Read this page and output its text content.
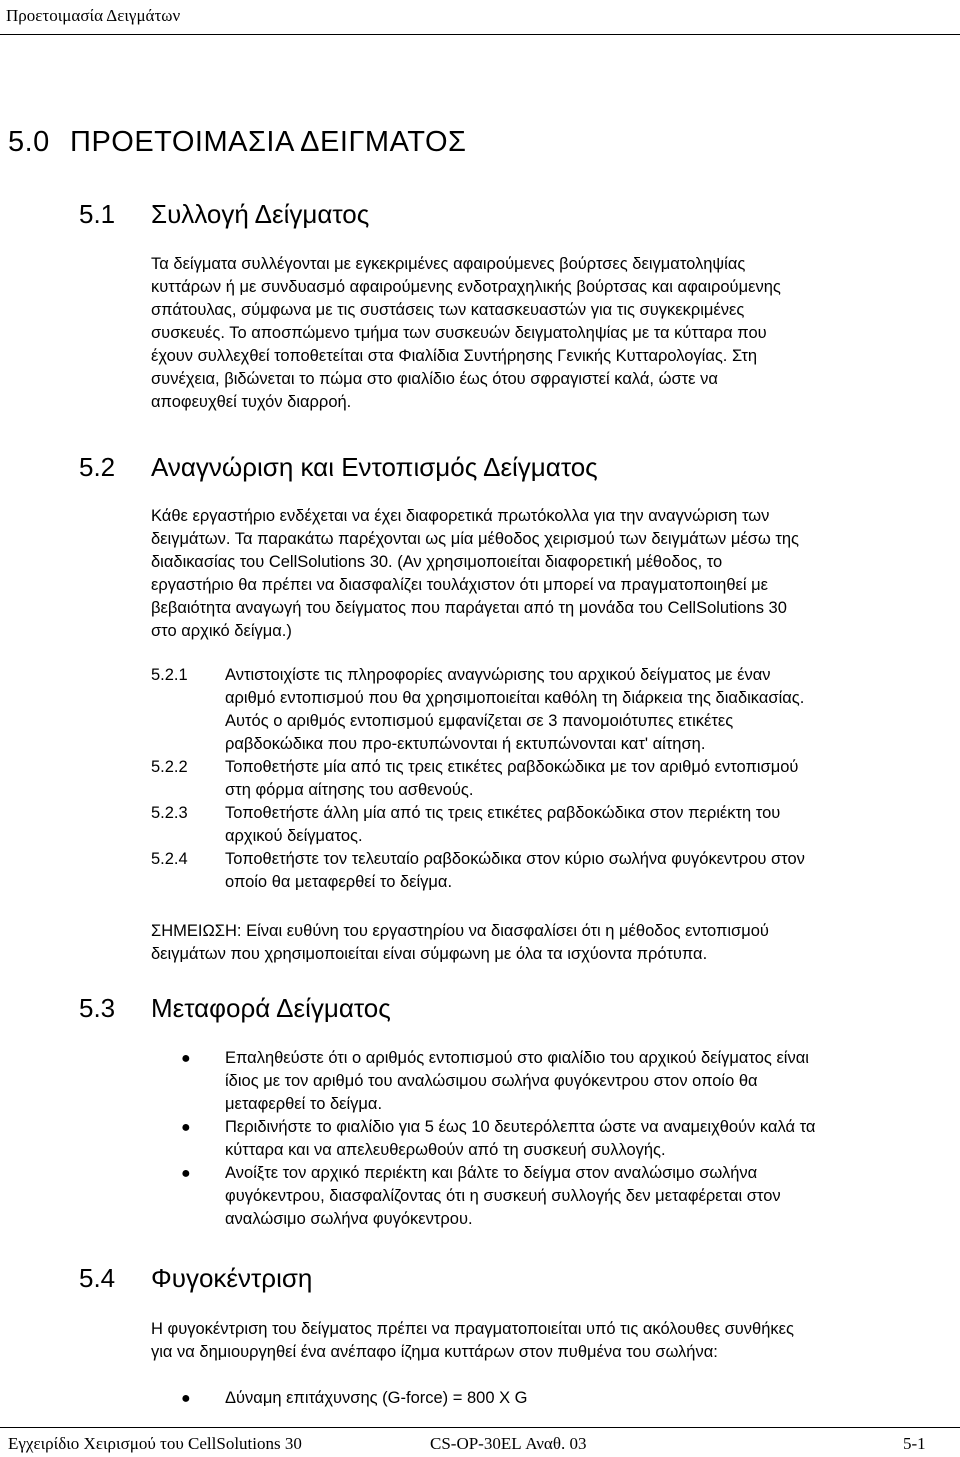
Προετοιμασία Δειγμάτων
5.0 ΠΡΟΕΤΟΙΜΑΣΙΑ ΔΕΙΓΜΑΤΟΣ
5.1 Συλλογή Δείγματος
Τα δείγματα συλλέγονται με εγκεκριμένες αφαιρούμενες βούρτσες δειγματοληψίας
κυττάρων ή με συνδυασμό αφαιρούμενης ενδοτραχηλικής βούρτσας και αφαιρούμενης
σπάτουλας, σύμφωνα με τις συστάσεις των κατασκευαστών για τις συγκεκριμένες
συσκευές. Το αποσπώμενο τμήμα των συσκευών δειγματοληψίας με τα κύτταρα που
έχουν συλλεχθεί τοποθετείται στα Φιαλίδια Συντήρησης Γενικής Κυτταρολογίας. Στη
συνέχεια, βιδώνεται το πώμα στο φιαλίδιο έως ότου σφραγιστεί καλά, ώστε να
αποφευχθεί τυχόν διαρροή.
5.2 Αναγνώριση και Εντοπισμός Δείγματος
Κάθε εργαστήριο ενδέχεται να έχει διαφορετικά πρωτόκολλα για την αναγνώριση των
δειγμάτων. Τα παρακάτω παρέχονται ως μία μέθοδος χειρισμού των δειγμάτων μέσω της
διαδικασίας του CellSolutions 30. (Αν χρησιμοποιείται διαφορετική μέθοδος, το
εργαστήριο θα πρέπει να διασφαλίζει τουλάχιστον ότι μπορεί να πραγματοποιηθεί με
βεβαιότητα αναγωγή του δείγματος που παράγεται από τη μονάδα του CellSolutions 30
στο αρχικό δείγμα.)
5.2.1 Αντιστοιχίστε τις πληροφορίες αναγνώρισης του αρχικού δείγματος με έναν
αριθμό εντοπισμού που θα χρησιμοποιείται καθόλη τη διάρκεια της διαδικασίας.
Αυτός ο αριθμός εντοπισμού εμφανίζεται σε 3 πανομοιότυπες ετικέτες
ραβδοκώδικα που προ-εκτυπώνονται ή εκτυπώνονται κατ' αίτηση.
5.2.2 Τοποθετήστε μία από τις τρεις ετικέτες ραβδοκώδικα με τον αριθμό εντοπισμού
στη φόρμα αίτησης του ασθενούς.
5.2.3 Τοποθετήστε άλλη μία από τις τρεις ετικέτες ραβδοκώδικα στον περιέκτη του
αρχικού δείγματος.
5.2.4 Τοποθετήστε τον τελευταίο ραβδοκώδικα στον κύριο σωλήνα φυγόκεντρου στον
οποίο θα μεταφερθεί το δείγμα.
ΣΗΜΕΙΩΣΗ: Είναι ευθύνη του εργαστηρίου να διασφαλίσει ότι η μέθοδος εντοπισμού
δειγμάτων που χρησιμοποιείται είναι σύμφωνη με όλα τα ισχύοντα πρότυπα.
5.3 Μεταφορά Δείγματος
● Επαληθεύστε ότι ο αριθμός εντοπισμού στο φιαλίδιο του αρχικού δείγματος είναι
ίδιος με τον αριθμό του αναλώσιμου σωλήνα φυγόκεντρου στον οποίο θα
μεταφερθεί το δείγμα.
● Περιδινήστε το φιαλίδιο για 5 έως 10 δευτερόλεπτα ώστε να αναμειχθούν καλά τα
κύτταρα και να απελευθερωθούν από τη συσκευή συλλογής.
● Ανοίξτε τον αρχικό περιέκτη και βάλτε το δείγμα στον αναλώσιμο σωλήνα
φυγόκεντρου, διασφαλίζοντας ότι η συσκευή συλλογής δεν μεταφέρεται στον
αναλώσιμο σωλήνα φυγόκεντρου.
5.4 Φυγοκέντριση
Η φυγοκέντριση του δείγματος πρέπει να πραγματοποιείται υπό τις ακόλουθες συνθήκες
για να δημιουργηθεί ένα ανέπαφο ίζημα κυττάρων στον πυθμένα του σωλήνα:
● Δύναμη επιτάχυνσης (G-force) = 800 X G
Εγχειρίδιο Χειρισμού του CellSolutions 30	CS-OP-30EL Αναθ. 03	5-1
